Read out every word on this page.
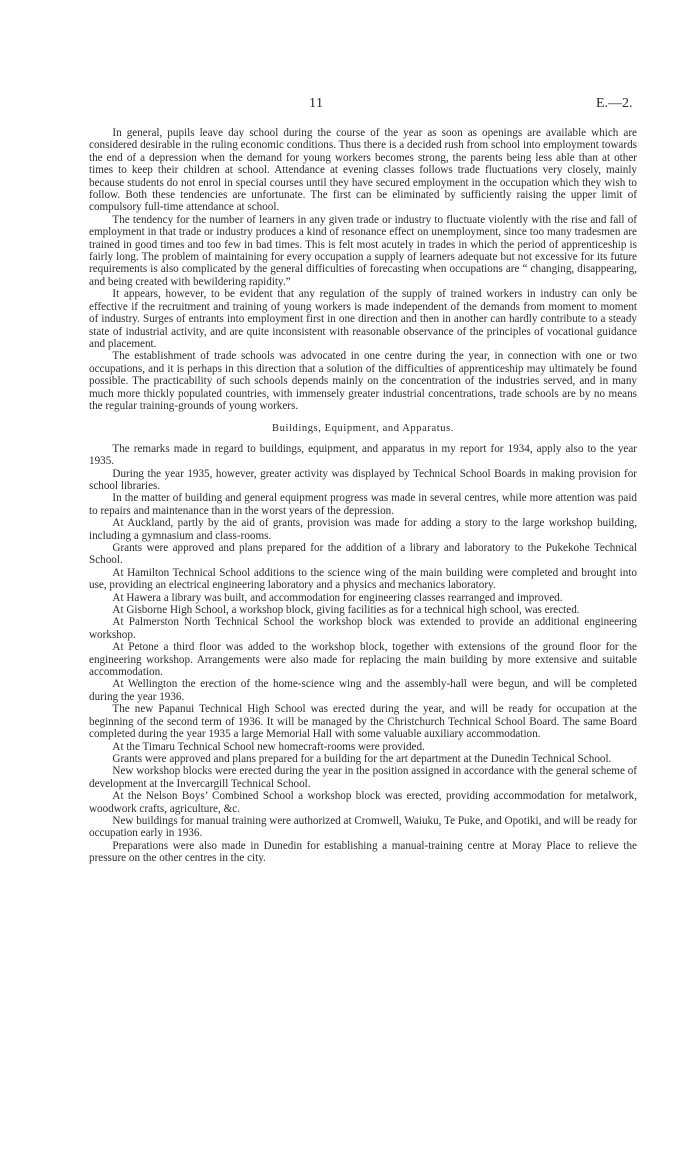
11	E.—2.

In general, pupils leave day school during the course of the year as soon as openings are available which are considered desirable in the ruling economic conditions. Thus there is a decided rush from school into employment towards the end of a depression when the demand for young workers becomes strong, the parents being less able than at other times to keep their children at school. Attendance at evening classes follows trade fluctuations very closely, mainly because students do not enrol in special courses until they have secured employment in the occupation which they wish to follow. Both these tendencies are unfortunate. The first can be eliminated by sufficiently raising the upper limit of compulsory full-time attendance at school.

The tendency for the number of learners in any given trade or industry to fluctuate violently with the rise and fall of employment in that trade or industry produces a kind of resonance effect on unemployment, since too many tradesmen are trained in good times and too few in bad times. This is felt most acutely in trades in which the period of apprenticeship is fairly long. The problem of maintaining for every occupation a supply of learners adequate but not excessive for its future requirements is also complicated by the general difficulties of forecasting when occupations are “ changing, disappearing, and being created with bewildering rapidity.”

It appears, however, to be evident that any regulation of the supply of trained workers in industry can only be effective if the recruitment and training of young workers is made independent of the demands from moment to moment of industry. Surges of entrants into employment first in one direction and then in another can hardly contribute to a steady state of industrial activity, and are quite inconsistent with reasonable observance of the principles of vocational guidance and placement.

The establishment of trade schools was advocated in one centre during the year, in connection with one or two occupations, and it is perhaps in this direction that a solution of the difficulties of apprenticeship may ultimately be found possible. The practicability of such schools depends mainly on the concentration of the industries served, and in many much more thickly populated countries, with immensely greater industrial concentrations, trade schools are by no means the regular training-grounds of young workers.

Buildings, Equipment, and Apparatus.

The remarks made in regard to buildings, equipment, and apparatus in my report for 1934, apply also to the year 1935.

During the year 1935, however, greater activity was displayed by Technical School Boards in making provision for school libraries.

In the matter of building and general equipment progress was made in several centres, while more attention was paid to repairs and maintenance than in the worst years of the depression.

At Auckland, partly by the aid of grants, provision was made for adding a story to the large workshop building, including a gymnasium and class-rooms.

Grants were approved and plans prepared for the addition of a library and laboratory to the Pukekohe Technical School.

At Hamilton Technical School additions to the science wing of the main building were completed and brought into use, providing an electrical engineering laboratory and a physics and mechanics laboratory.

At Hawera a library was built, and accommodation for engineering classes rearranged and improved.

At Gisborne High School, a workshop block, giving facilities as for a technical high school, was erected.

At Palmerston North Technical School the workshop block was extended to provide an additional engineering workshop.

At Petone a third floor was added to the workshop block, together with extensions of the ground floor for the engineering workshop. Arrangements were also made for replacing the main building by more extensive and suitable accommodation.

At Wellington the erection of the home-science wing and the assembly-hall were begun, and will be completed during the year 1936.

The new Papanui Technical High School was erected during the year, and will be ready for occupation at the beginning of the second term of 1936. It will be managed by the Christchurch Technical School Board. The same Board completed during the year 1935 a large Memorial Hall with some valuable auxiliary accommodation.

At the Timaru Technical School new homecraft-rooms were provided.

Grants were approved and plans prepared for a building for the art department at the Dunedin Technical School.

New workshop blocks were erected during the year in the position assigned in accordance with the general scheme of development at the Invercargill Technical School.

At the Nelson Boys’ Combined School a workshop block was erected, providing accommodation for metalwork, woodwork crafts, agriculture, &c.

New buildings for manual training were authorized at Cromwell, Waiuku, Te Puke, and Opotiki, and will be ready for occupation early in 1936.

Preparations were also made in Dunedin for establishing a manual-training centre at Moray Place to relieve the pressure on the other centres in the city.
